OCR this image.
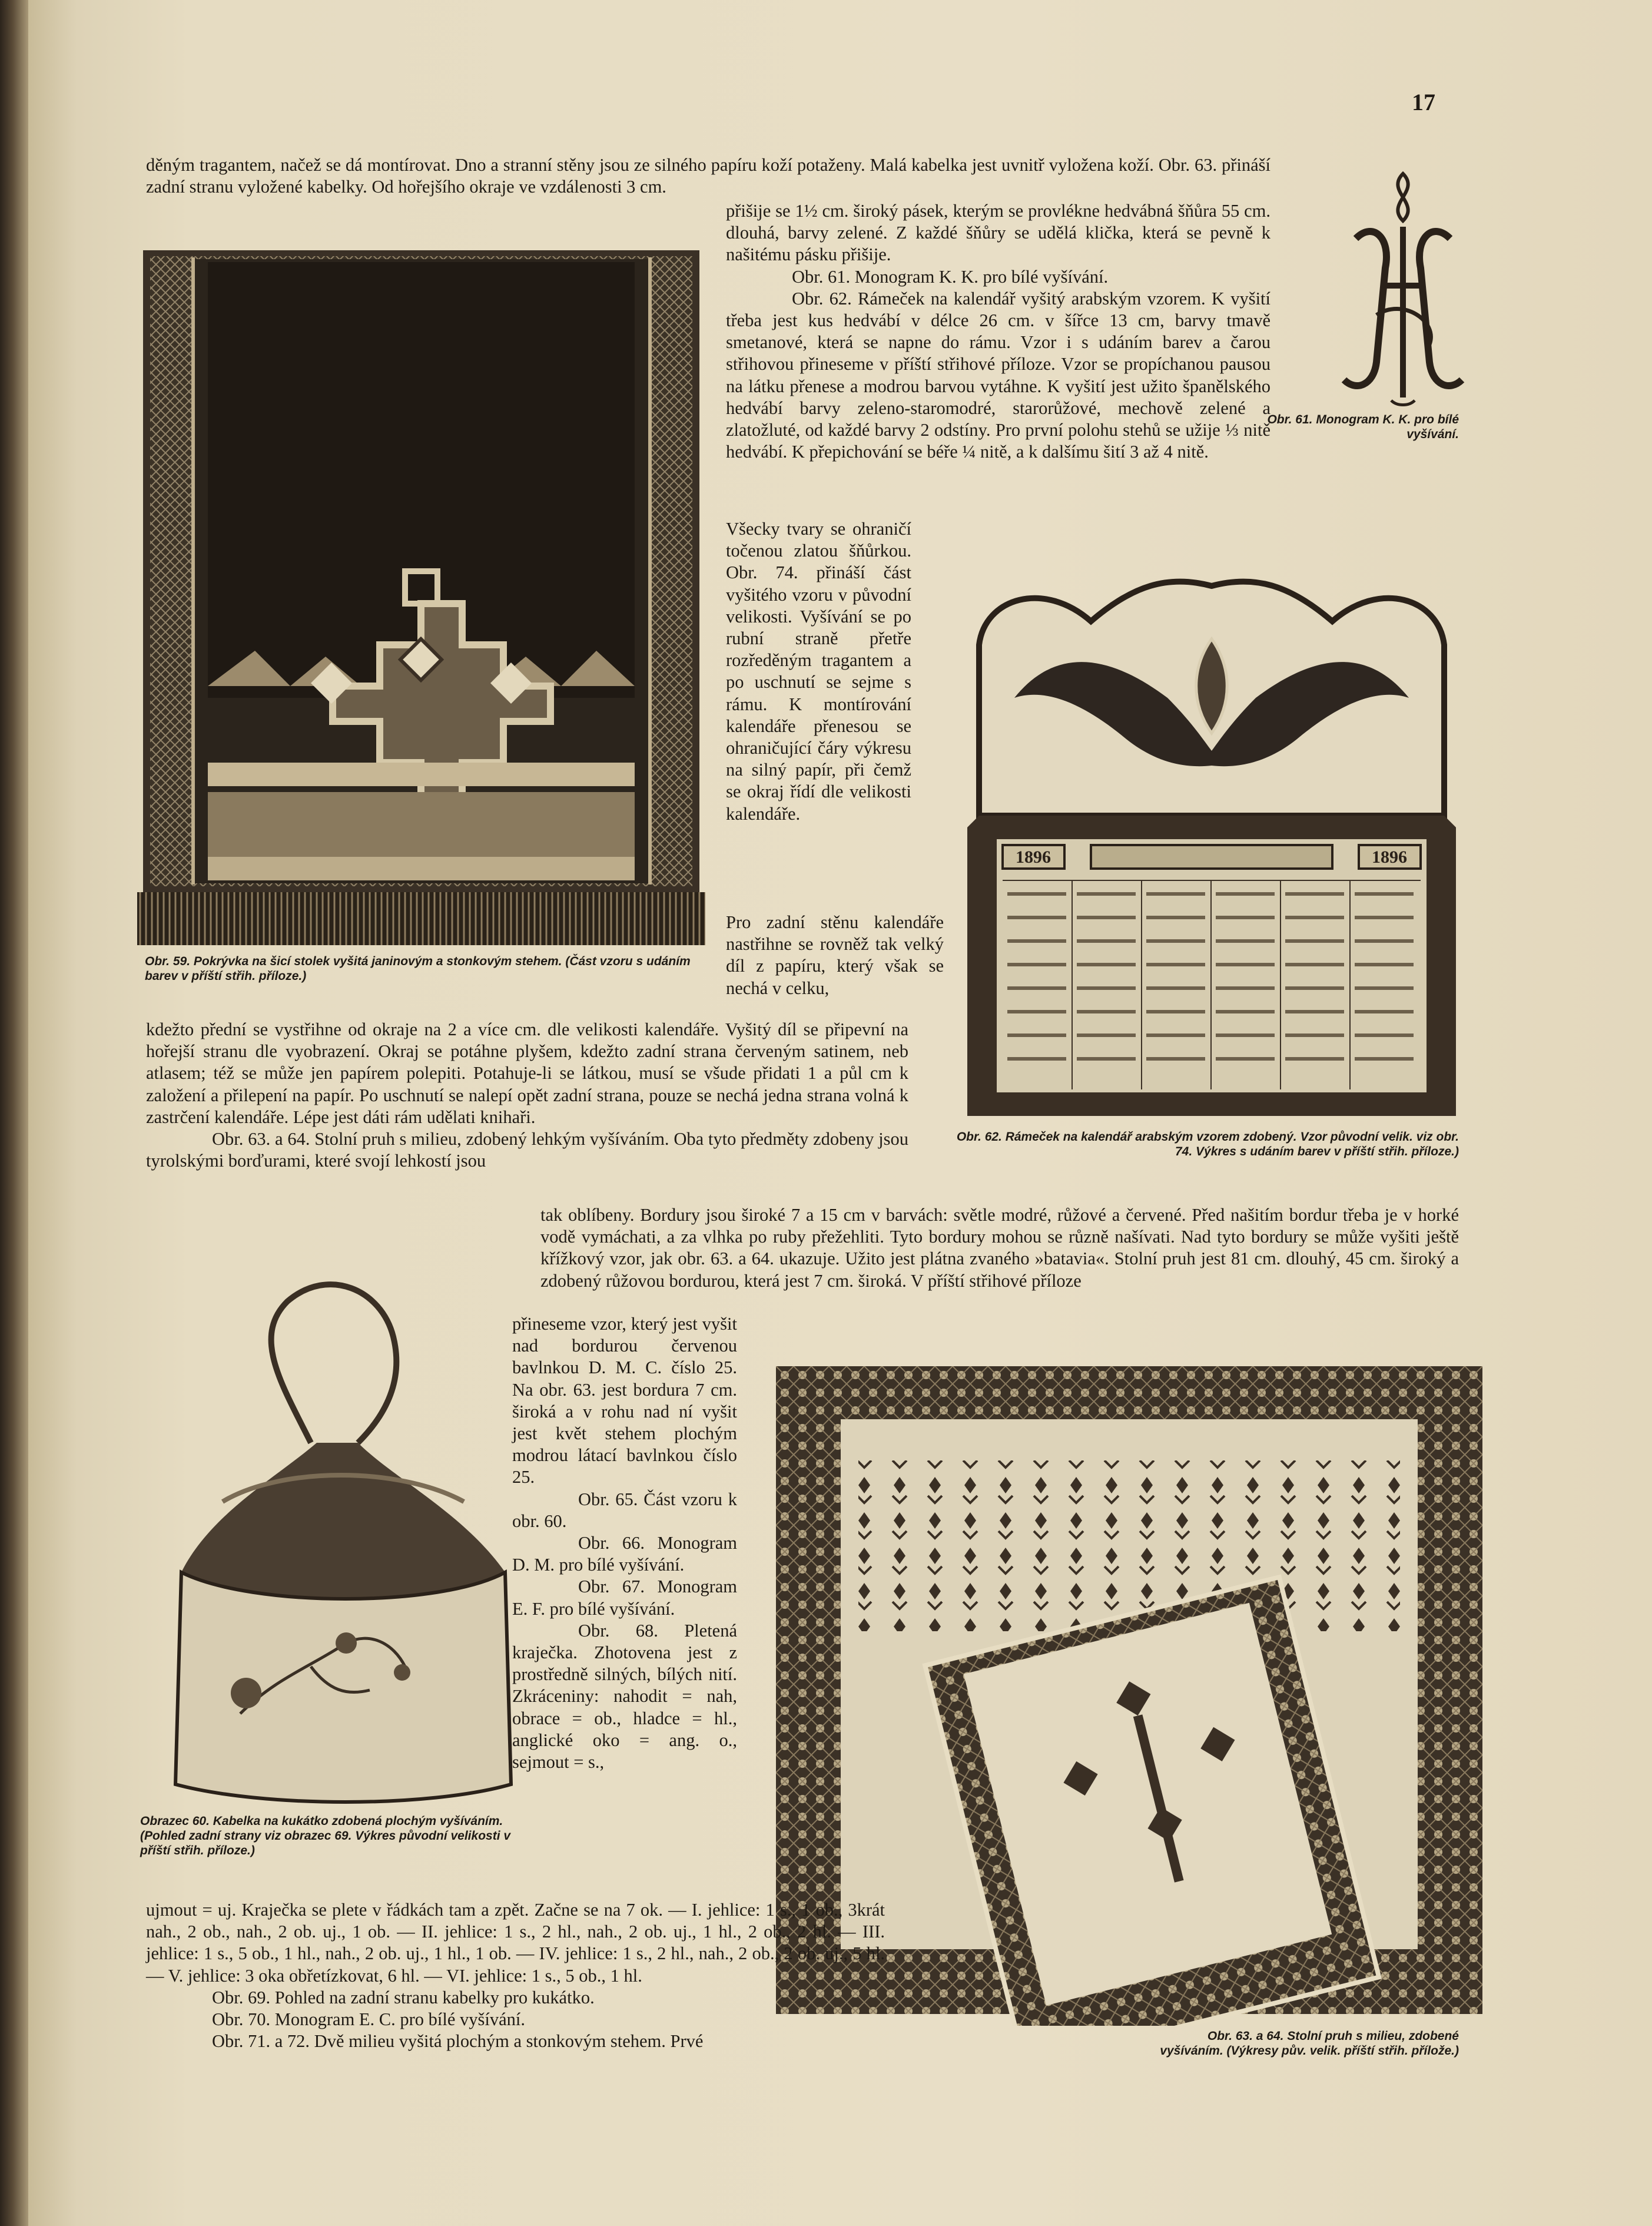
17
děným tragantem, načež se dá montírovat. Dno a stranní stěny jsou ze silného papíru koží potaženy. Malá kabelka jest uvnitř vyložena koží. Obr. 63. přináší zadní stranu vyložené kabelky. Od hořejšího okraje ve vzdálenosti 3 cm.
Obr. 59. Pokrývka na šicí stolek vyšitá janinovým a stonkovým stehem. (Část vzoru s udáním barev v příští střih. příloze.)

přišije se 1½ cm. široký pásek, kterým se provlékne hedvábná šňůra 55 cm. dlouhá, barvy zelené. Z každé šňůry se udělá klička, která se pevně k našitému pásku přišije.

Obr. 61. Monogram K. K. pro bílé vyšívání.

Obr. 62. Rámeček na kalendář vyšitý arabským vzorem. K vyšití třeba jest kus hedvábí v délce 26 cm. v šířce 13 cm, barvy tmavě smetanové, která se napne do rámu. Vzor i s udáním barev a čarou střihovou přineseme v příští střihové příloze. Vzor se propíchanou pausou na látku přenese a modrou barvou vytáhne. K vyšití jest užito španělského hedvábí barvy zeleno-staromodré, starorůžové, mechově zelené a zlatožluté, od každé barvy 2 odstíny. Pro první polohu stehů se užije ⅓ nitě hedvábí. K přepichování se béře ¼ nitě, a k dalšímu šití 3 až 4 nitě.

Obr. 61. Monogram K. K. pro bílé vyšívání.
Všecky tvary se ohraničí točenou zlatou šňůrkou. Obr. 74. přináší část vyšitého vzoru v původní velikosti. Vyšívání se po rubní straně přetře rozředěným tragantem a po uschnutí se sejme s rámu. K montírování kalendáře přenesou se ohraničující čáry výkresu na silný papír, při čemž se okraj řídí dle velikosti kalendáře.
Pro zadní stěnu kalendáře nastřihne se rovněž tak velký díl z papíru, který však se nechá v celku,
1896	1896
Obr. 62. Rámeček na kalendář arabským vzorem zdobený. Vzor původní velik. viz obr. 74. Výkres s udáním barev v příští střih. příloze.)

kdežto přední se vystřihne od okraje na 2 a více cm. dle velikosti kalendáře. Vyšitý díl se připevní na hořejší stranu dle vyobrazení. Okraj se potáhne plyšem, kdežto zadní strana červeným satinem, neb atlasem; též se může jen papírem polepiti. Potahuje-li se látkou, musí se všude přidati 1 a půl cm k založení a přilepení na papír. Po uschnutí se nalepí opět zadní strana, pouze se nechá jedna strana volná k zastrčení kalendáře. Lépe jest dáti rám udělati knihaři.

Obr. 63. a 64. Stolní pruh s milieu, zdobený lehkým vyšíváním. Oba tyto předměty zdobeny jsou tyrolskými borďurami, které svojí lehkostí jsou

tak oblíbeny. Bordury jsou široké 7 a 15 cm v barvách: světle modré, růžové a červené. Před našitím bordur třeba je v horké vodě vymáchati, a za vlhka po ruby přežehliti. Tyto bordury mohou se různě našívati. Nad tyto bordury se může vyšiti ještě křížkový vzor, jak obr. 63. a 64. ukazuje. Užito jest plátna zvaného »batavia«. Stolní pruh jest 81 cm. dlouhý, 45 cm. široký a zdobený růžovou bordurou, která jest 7 cm. široká. V příští střihové příloze
Obrazec 60. Kabelka na kukátko zdobená plochým vyšíváním. (Pohled zadní strany viz obrazec 69. Výkres původní velikosti v příští střih. příloze.)

přineseme vzor, který jest vyšit nad bordurou červenou bavlnkou D. M. C. číslo 25. Na obr. 63. jest bordura 7 cm. široká a v rohu nad ní vyšit jest květ stehem plochým modrou látací bavlnkou číslo 25.

Obr. 65. Část vzoru k obr. 60.

Obr. 66. Monogram D. M. pro bílé vyšívání.

Obr. 67. Monogram E. F. pro bílé vyšívání.

Obr. 68. Pletená kraječka. Zhotovena jest z prostředně silných, bílých nití. Zkráceniny: nahodit = nah, obrace = ob., hladce = hl., anglické oko = ang. o., sejmout = s.,

Obr. 63. a 64. Stolní pruh s milieu, zdobené vyšíváním. (Výkresy pův. velik. příští střih. přílože.)

ujmout = uj. Kraječka se plete v řádkách tam a zpět. Začne se na 7 ok. — I. jehlice: 1 s., 1 ob., 3krát nah., 2 ob., nah., 2 ob. uj., 1 ob. — II. jehlice: 1 s., 2 hl., nah., 2 ob. uj., 1 hl., 2 ob., 2 hl. — III. jehlice: 1 s., 5 ob., 1 hl., nah., 2 ob. uj., 1 hl., 1 ob. — IV. jehlice: 1 s., 2 hl., nah., 2 ob., 2 ob. uj., 5 hl. — V. jehlice: 3 oka obřetízkovat, 6 hl. — VI. jehlice: 1 s., 5 ob., 1 hl.

Obr. 69. Pohled na zadní stranu kabelky pro kukátko.

Obr. 70. Monogram E. C. pro bílé vyšívání.

Obr. 71. a 72. Dvě milieu vyšitá plochým a stonkovým stehem. Prvé
